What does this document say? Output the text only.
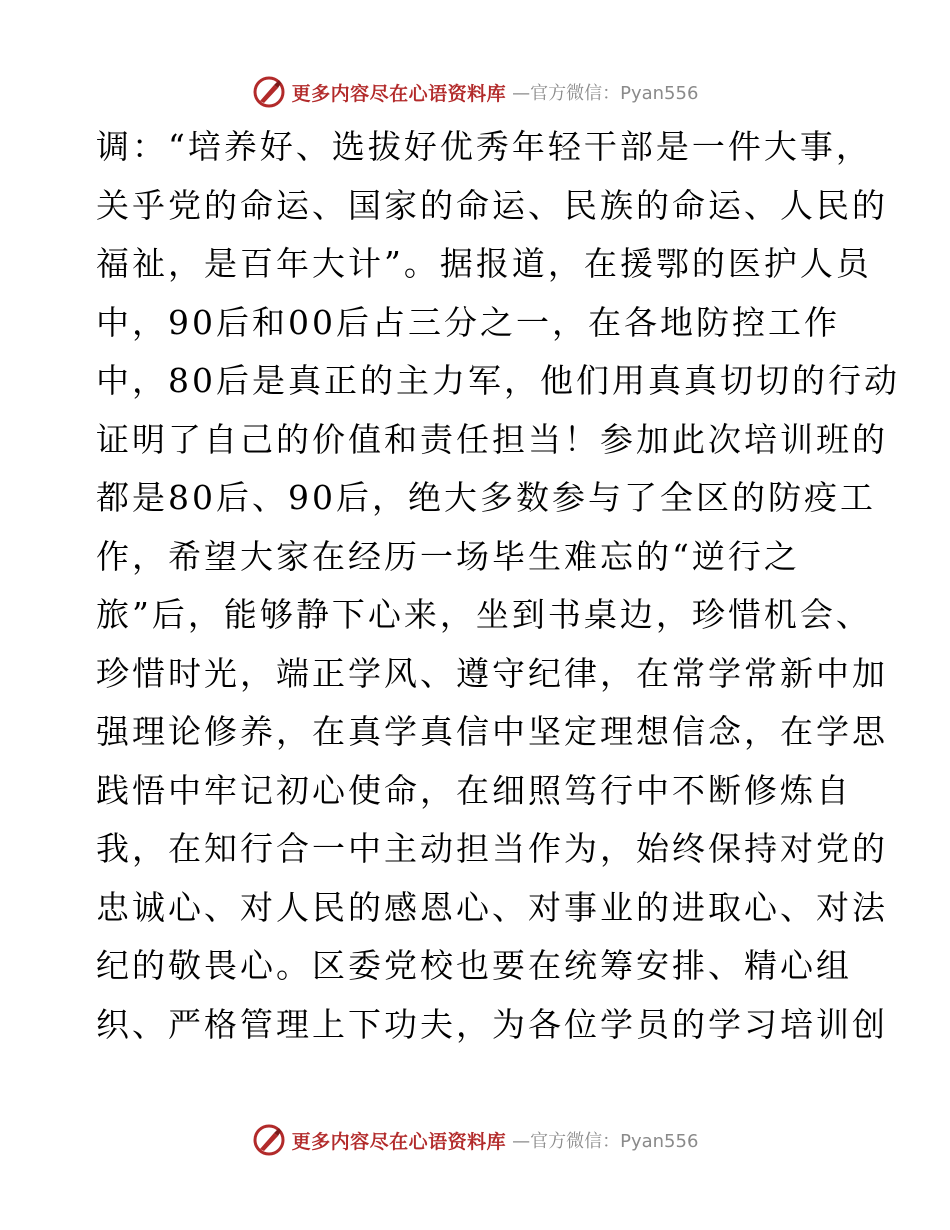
更多内容尽在心语资料库 —官方微信：Pyan556
调：“培养好、选拔好优秀年轻干部是一件大事，
关乎党的命运、国家的命运、民族的命运、人民的
福祉，是百年大计”。据报道，在援鄂的医护人员
中，90后和00后占三分之一，在各地防控工作
中，80后是真正的主力军，他们用真真切切的行动
证明了自己的价值和责任担当！参加此次培训班的
都是80后、90后，绝大多数参与了全区的防疫工
作，希望大家在经历一场毕生难忘的“逆行之
旅”后，能够静下心来，坐到书桌边，珍惜机会、
珍惜时光，端正学风、遵守纪律，在常学常新中加
强理论修养，在真学真信中坚定理想信念，在学思
践悟中牢记初心使命，在细照笃行中不断修炼自
我，在知行合一中主动担当作为，始终保持对党的
忠诚心、对人民的感恩心、对事业的进取心、对法
纪的敬畏心。区委党校也要在统筹安排、精心组
织、严格管理上下功夫，为各位学员的学习培训创
更多内容尽在心语资料库 —官方微信：Pyan556
